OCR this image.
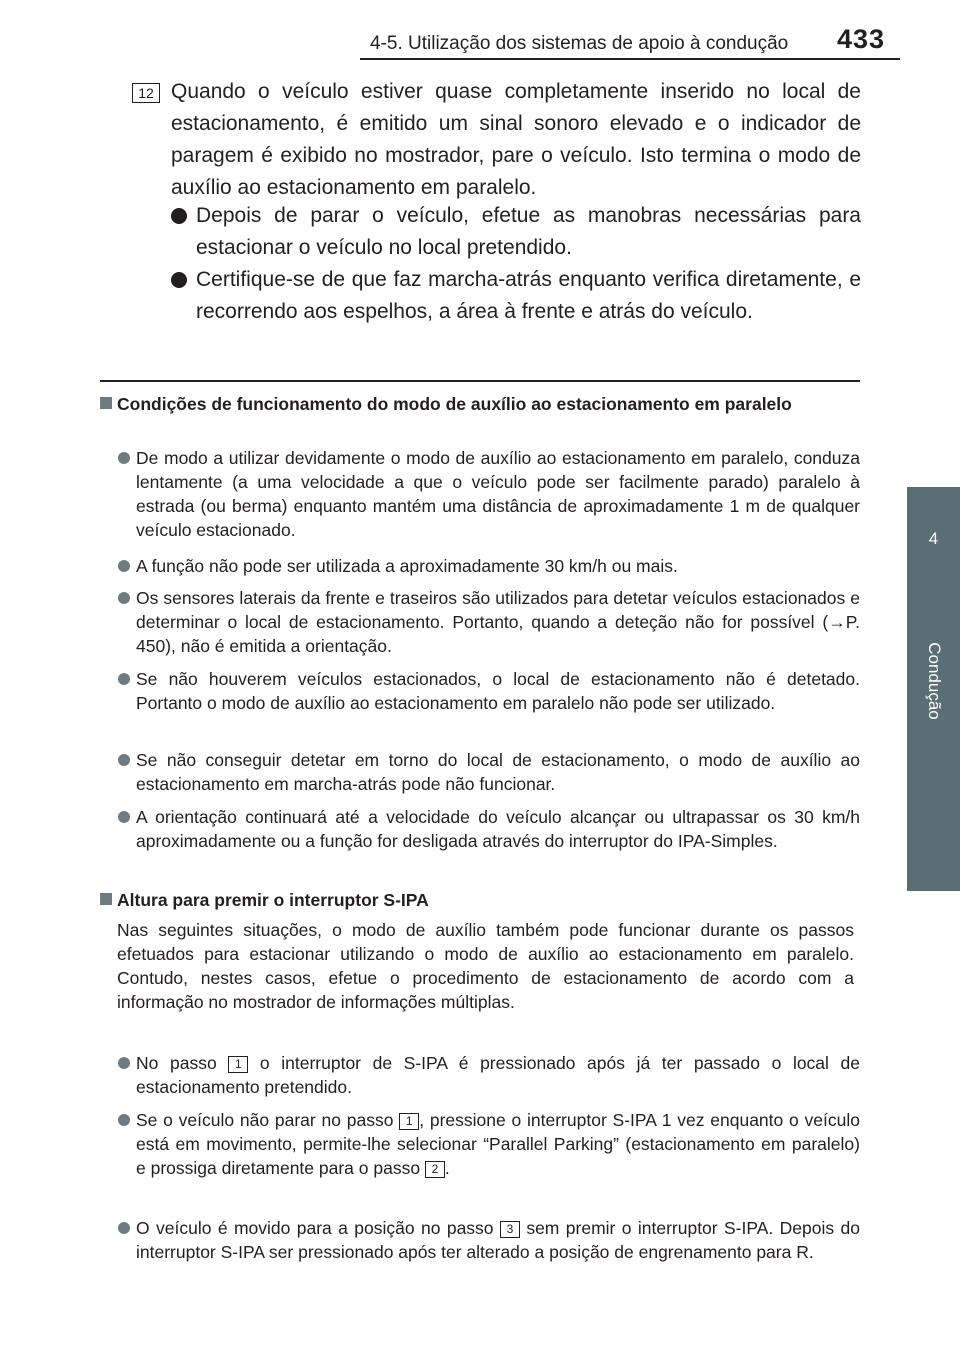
4-5. Utilização dos sistemas de apoio à condução 433
4
Condução
12 Quando o veículo estiver quase completamente inserido no local de estacionamento, é emitido um sinal sonoro elevado e o indicador de paragem é exibido no mostrador, pare o veículo. Isto termina o modo de auxílio ao estacionamento em paralelo.
Depois de parar o veículo, efetue as manobras necessárias para estacionar o veículo no local pretendido.
Certifique-se de que faz marcha-atrás enquanto verifica diretamente, e recorrendo aos espelhos, a área à frente e atrás do veículo.
Condições de funcionamento do modo de auxílio ao estacionamento em paralelo
De modo a utilizar devidamente o modo de auxílio ao estacionamento em paralelo, conduza lentamente (a uma velocidade a que o veículo pode ser facilmente parado) paralelo à estrada (ou berma) enquanto mantém uma distância de aproximadamente 1 m de qualquer veículo estacionado.
A função não pode ser utilizada a aproximadamente 30 km/h ou mais.
Os sensores laterais da frente e traseiros são utilizados para detetar veículos estacionados e determinar o local de estacionamento. Portanto, quando a deteção não for possível (→P. 450), não é emitida a orientação.
Se não houverem veículos estacionados, o local de estacionamento não é detetado. Portanto o modo de auxílio ao estacionamento em paralelo não pode ser utilizado.
Se não conseguir detetar em torno do local de estacionamento, o modo de auxílio ao estacionamento em marcha-atrás pode não funcionar.
A orientação continuará até a velocidade do veículo alcançar ou ultrapassar os 30 km/h aproximadamente ou a função for desligada através do interruptor do IPA-Simples.
Altura para premir o interruptor S-IPA
Nas seguintes situações, o modo de auxílio também pode funcionar durante os passos efetuados para estacionar utilizando o modo de auxílio ao estacionamento em paralelo. Contudo, nestes casos, efetue o procedimento de estacionamento de acordo com a informação no mostrador de informações múltiplas.
No passo 1 o interruptor de S-IPA é pressionado após já ter passado o local de estacionamento pretendido.
Se o veículo não parar no passo 1 , pressione o interruptor S-IPA 1 vez enquanto o veículo está em movimento, permite-lhe selecionar “Parallel Parking” (estacionamento em paralelo) e prossiga diretamente para o passo 2 .
O veículo é movido para a posição no passo 3 sem premir o interruptor S-IPA. Depois do interruptor S-IPA ser pressionado após ter alterado a posição de engrenamento para R.
